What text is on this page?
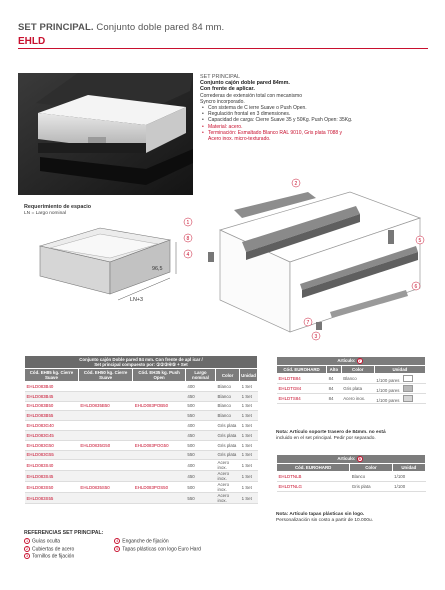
SET PRINCIPAL. Conjunto doble pared 84 mm.
EHLD
SET PRINCIPAL
Conjunto cajón doble pared 84mm.
Con frente de aplicar.
Correderas de extensión total con mecanismo
Syncro incorporado.
• Con sistema de C ierre Suave o Push Open.
• Regulación frontal en 3 dimensiones.
• Capacidad de carga: Cierre Suave 35 y 50Kg. Push Open: 35Kg.
• Material: acero.
• Terminación: Esmaltado Blanco RAL 9010, Gris plata 7088 y
Acero inox. micro-texturado.
Requerimiento de espacio
LN = Largo nominal
96,5
LN+3
2
1
8
4
5
6
7
3
Conjunto cajón Doble pared 84 mm. Con frente de apl icar /
Set principal compuesto por: ①②③④⑤ + Set					

Cód. EH85 kg. Cierre Suave	Cód. EH50 kg. Cierre Suave	Cód. EH35 kg. Push Open	Largo nominal	Color	Unidad
EHLD083B40			400	Blanco	1 Set
EHLD083B45			450	Blanco	1 Set
EHLD083B50	EHLD0835B50	EHLD083POB50	500	Blanco	1 Set
EHLD083B55			550	Blanco	1 Set
EHLD083G40			400	Gris plata	1 Set
EHLD083G45			450	Gris plata	1 Set
EHLD083G50	EHLD0835G50	EHLD083POG50	500	Gris plata	1 Set
EHLD083G55			550	Gris plata	1 Set
EHLD083S40			400	Acero inox.	1 Set
EHLD083S45			450	Acero inox.	1 Set
EHLD083S50	EHLD0835S50	EHLD083POS50	500	Acero inox.	1 Set
EHLD083S55			550	Acero inox.	1 Set
Artículo: 7			
Cód. EUROHARD	Alto	Color	Unidad
EHLDTB84	84	Blanco	1/100 pares
EHLDTG84	84	Gris plata	1/100 pares
EHLDTS84	84	Acero inox.	1/100 pares
Nota: Artículo soporte trasero de 84mm. no está
incluido en el set principal. Pedir por separado.
Artículo: 8		
Cód. EUROHARD	Color	Unidad
EHLDTNLB	Blanco	1/100
EHLDTNLG	Gris plata	1/100
Nota: Artículo tapas plásticas sin logo.
Personalización sin costo a partir de 10.000u.
REFERENCIAS SET PRINCIPAL:
1 Guías oculta
2 Cubiertas de acero
3 Tornillos de fijación
4 Enganche de fijación
5 Tapas plásticas con logo Euro Hard
